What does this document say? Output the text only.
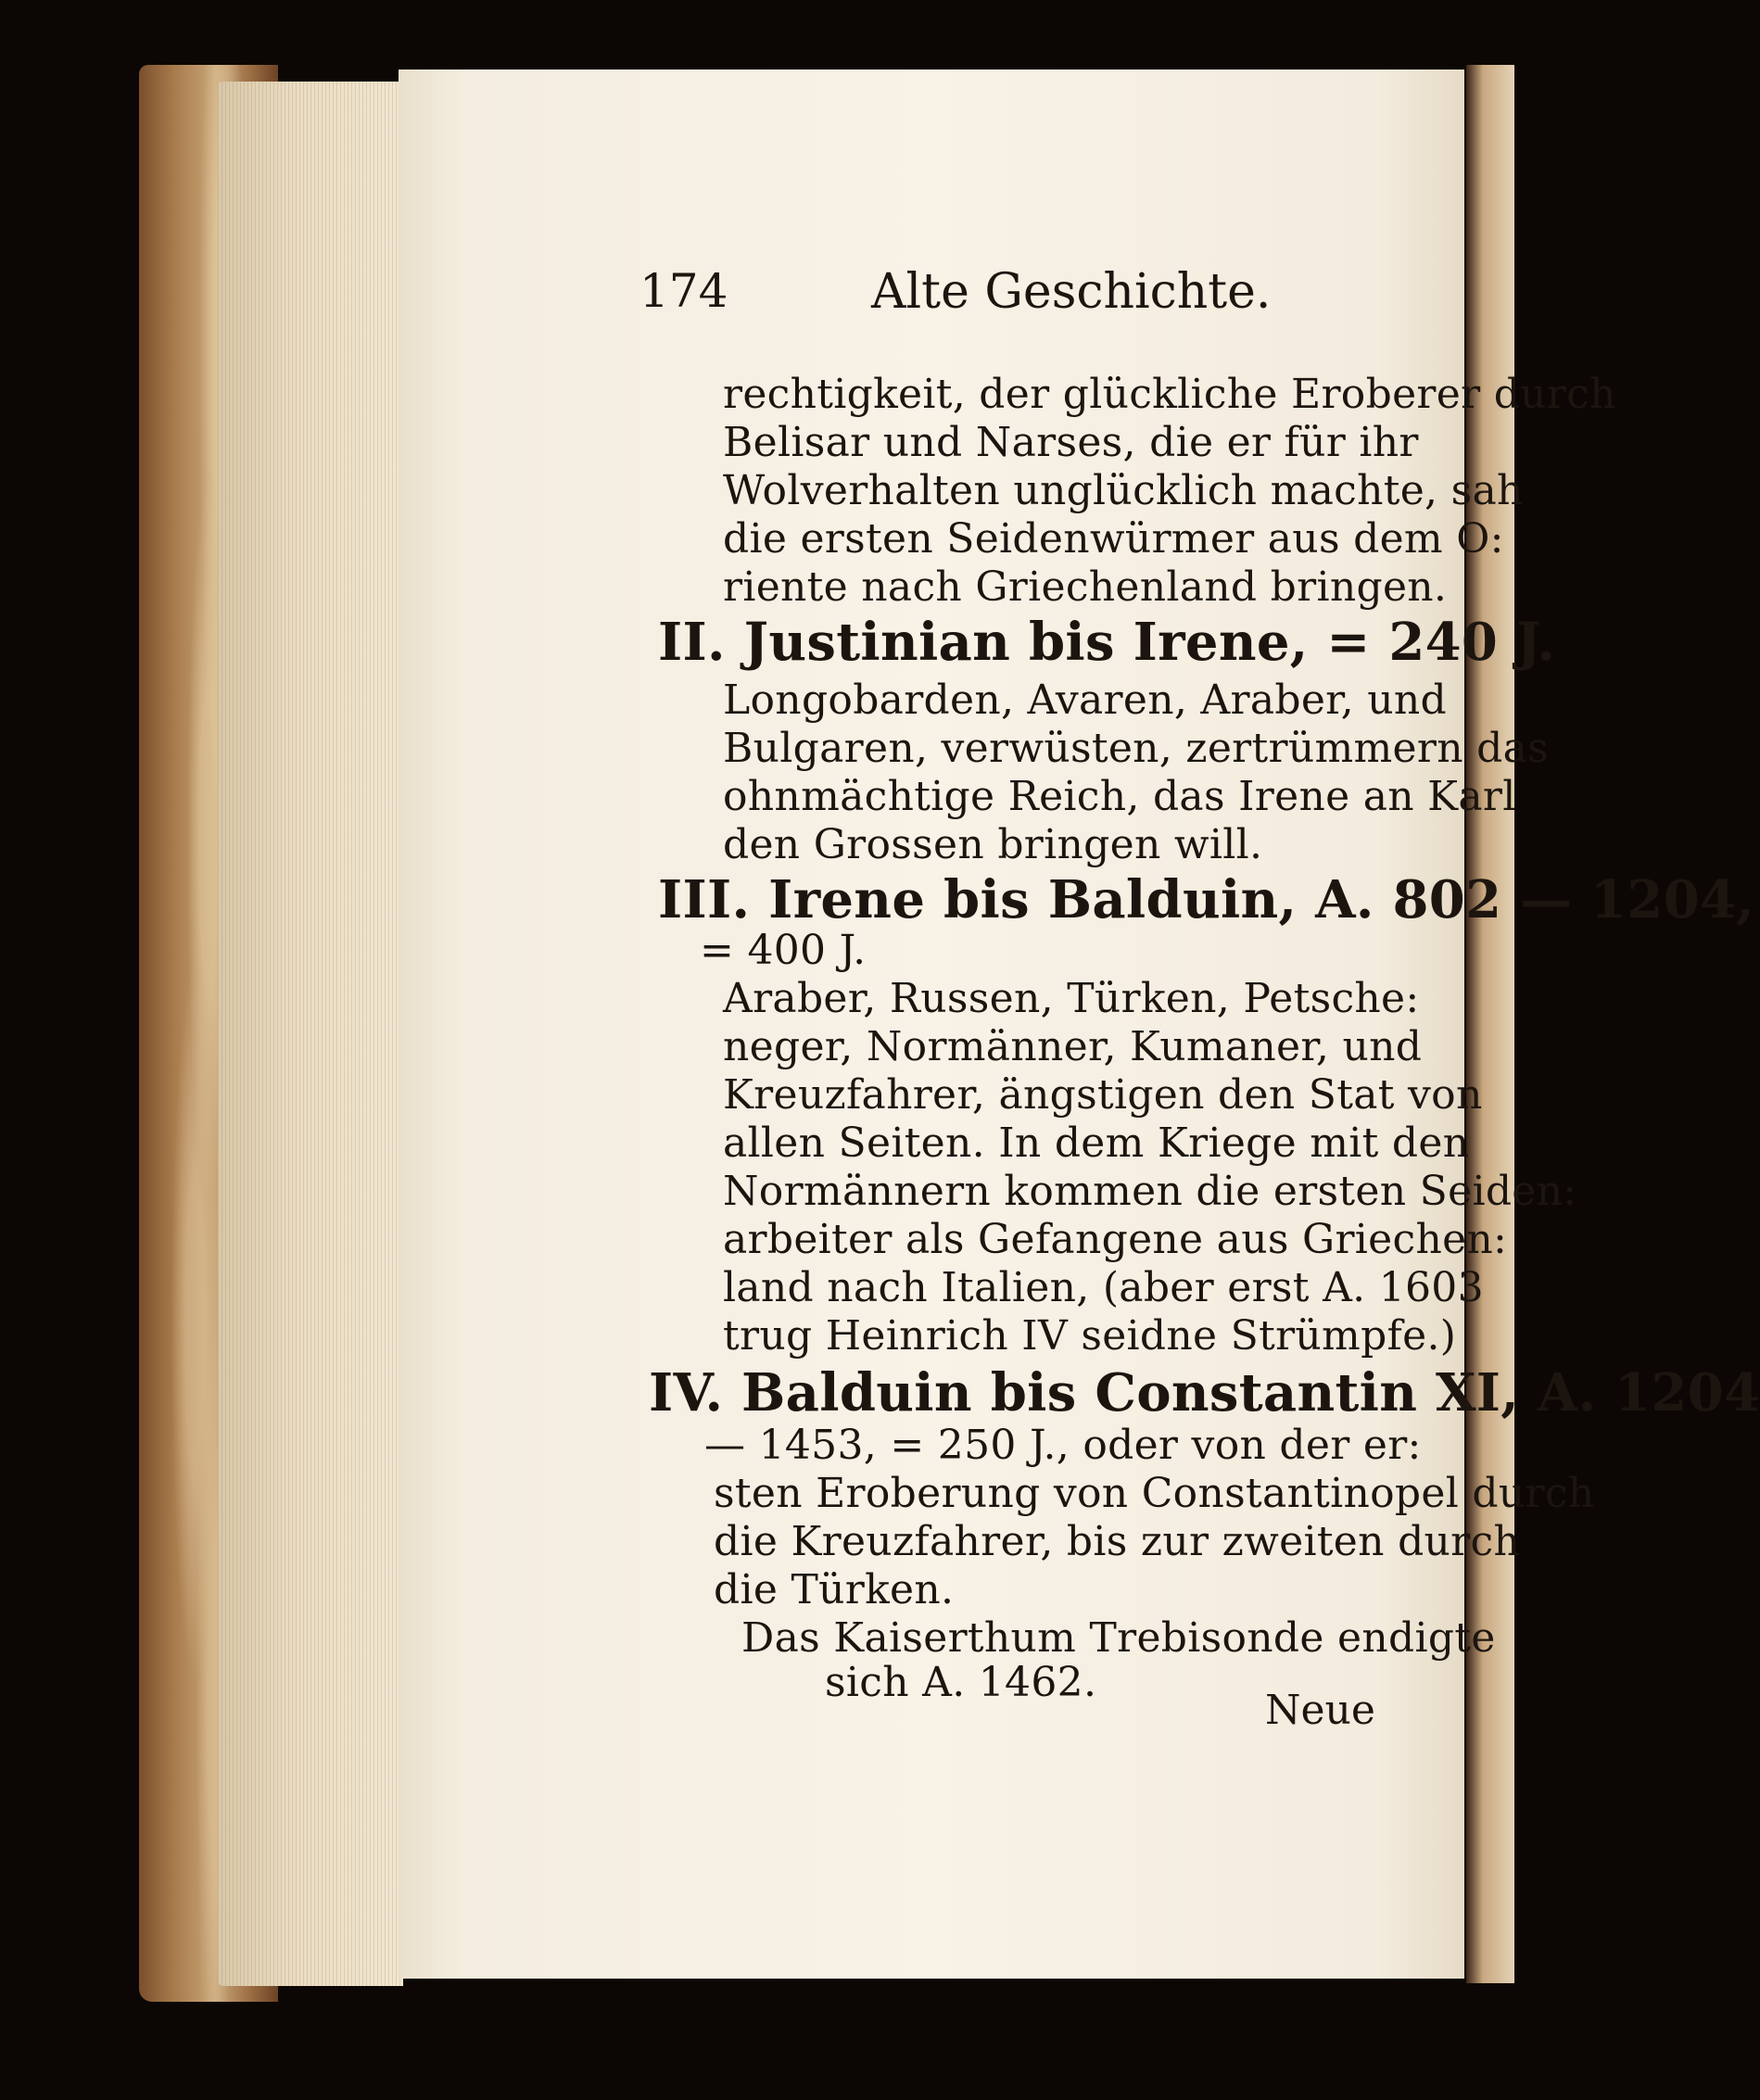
174	Alte Geschichte.
rechtigkeit, der glückliche Eroberer durch
Belisar und Narses, die er für ihr
Wolverhalten unglücklich machte, sah
die ersten Seidenwürmer aus dem O:
riente nach Griechenland bringen.
II. Justinian bis Irene, = 240 J.
Longobarden, Avaren, Araber, und
Bulgaren, verwüsten, zertrümmern das
ohnmächtige Reich, das Irene an Karl
den Grossen bringen will.
III. Irene bis Balduin, A. 802 — 1204,
= 400 J.
Araber, Russen, Türken, Petsche:
neger, Normänner, Kumaner, und
Kreuzfahrer, ängstigen den Stat von
allen Seiten. In dem Kriege mit den
Normännern kommen die ersten Seiden:
arbeiter als Gefangene aus Griechen:
land nach Italien, (aber erst A. 1603
trug Heinrich IV seidne Strümpfe.)
IV. Balduin bis Constantin XI, A. 1204
— 1453, = 250 J., oder von der er:
sten Eroberung von Constantinopel durch
die Kreuzfahrer, bis zur zweiten durch
die Türken.
Das Kaiserthum Trebisonde endigte
sich A. 1462.
Neue
